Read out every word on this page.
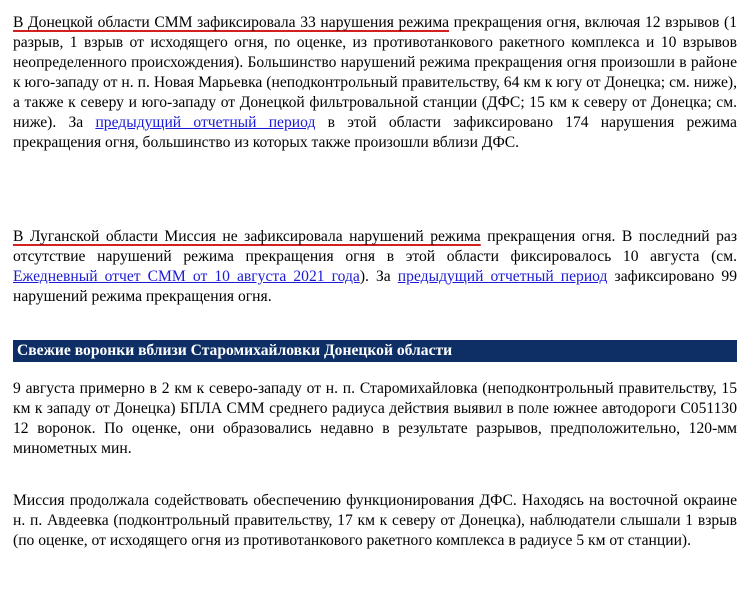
В Донецкой области СММ зафиксировала 33 нарушения режима прекращения огня, включая 12 взрывов (1 разрыв, 1 взрыв от исходящего огня, по оценке, из противотанкового ракетного комплекса и 10 взрывов неопределенного происхождения). Большинство нарушений режима прекращения огня произошли в районе к юго-западу от н. п. Новая Марьевка (неподконтрольный правительству, 64 км к югу от Донецка; см. ниже), а также к северу и юго-западу от Донецкой фильтровальной станции (ДФС; 15 км к северу от Донецка; см. ниже). За предыдущий отчетный период в этой области зафиксировано 174 нарушения режима прекращения огня, большинство из которых также произошли вблизи ДФС.

В Луганской области Миссия не зафиксировала нарушений режима прекращения огня. В последний раз отсутствие нарушений режима прекращения огня в этой области фиксировалось 10 августа (см. Ежедневный отчет СММ от 10 августа 2021 года). За предыдущий отчетный период зафиксировано 99 нарушений режима прекращения огня.

Свежие воронки вблизи Старомихайловки Донецкой области

9 августа примерно в 2 км к северо-западу от н. п. Старомихайловка (неподконтрольный правительству, 15 км к западу от Донецка) БПЛА СММ среднего радиуса действия выявил в поле южнее автодороги С051130 12 воронок. По оценке, они образовались недавно в результате разрывов, предположительно, 120-мм минометных мин.

Миссия продолжала содействовать обеспечению функционирования ДФС. Находясь на восточной окраине н. п. Авдеевка (подконтрольный правительству, 17 км к северу от Донецка), наблюдатели слышали 1 взрыв (по оценке, от исходящего огня из противотанкового ракетного комплекса в радиусе 5 км от станции).
